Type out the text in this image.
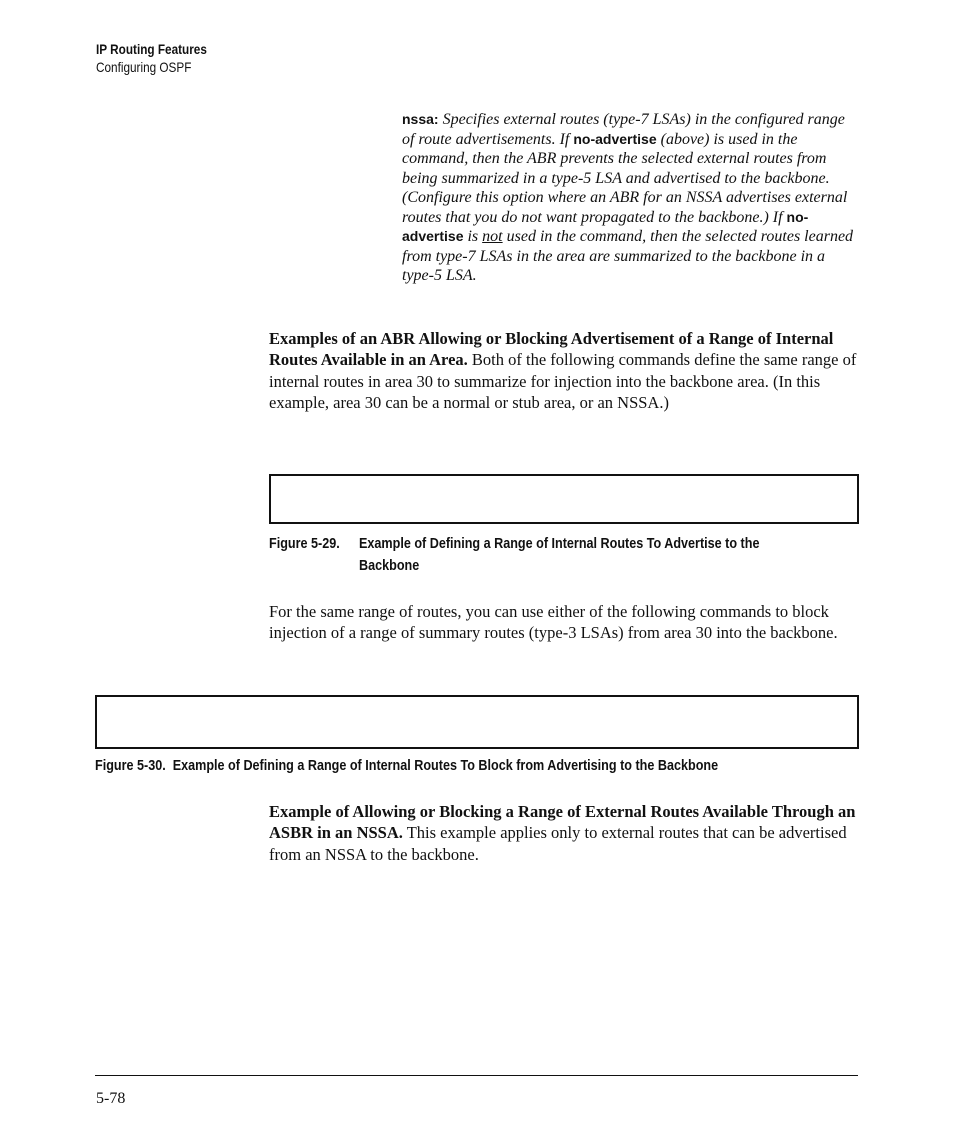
IP Routing Features
Configuring OSPF
nssa: Specifies external routes (type-7 LSAs) in the configured range of route advertisements. If no-advertise (above) is used in the command, then the ABR prevents the selected external routes from being summarized in a type-5 LSA and advertised to the backbone. (Configure this option where an ABR for an NSSA advertises external routes that you do not want propagated to the backbone.) If no-advertise is not used in the command, then the selected routes learned from type-7 LSAs in the area are summarized to the backbone in a type-5 LSA.
Examples of an ABR Allowing or Blocking Advertisement of a Range of Internal Routes Available in an Area. Both of the following commands define the same range of internal routes in area 30 to summarize for injection into the backbone area. (In this example, area 30 can be a normal or stub area, or an NSSA.)
Figure 5-29.	Example of Defining a Range of Internal Routes To Advertise to the
Backbone
For the same range of routes, you can use either of the following commands to block injection of a range of summary routes (type-3 LSAs) from area 30 into the backbone.
Figure 5-30.  Example of Defining a Range of Internal Routes To Block from Advertising to the Backbone
Example of Allowing or Blocking a Range of External Routes Available Through an ASBR in an NSSA. This example applies only to external routes that can be advertised from an NSSA to the backbone.
5-78
